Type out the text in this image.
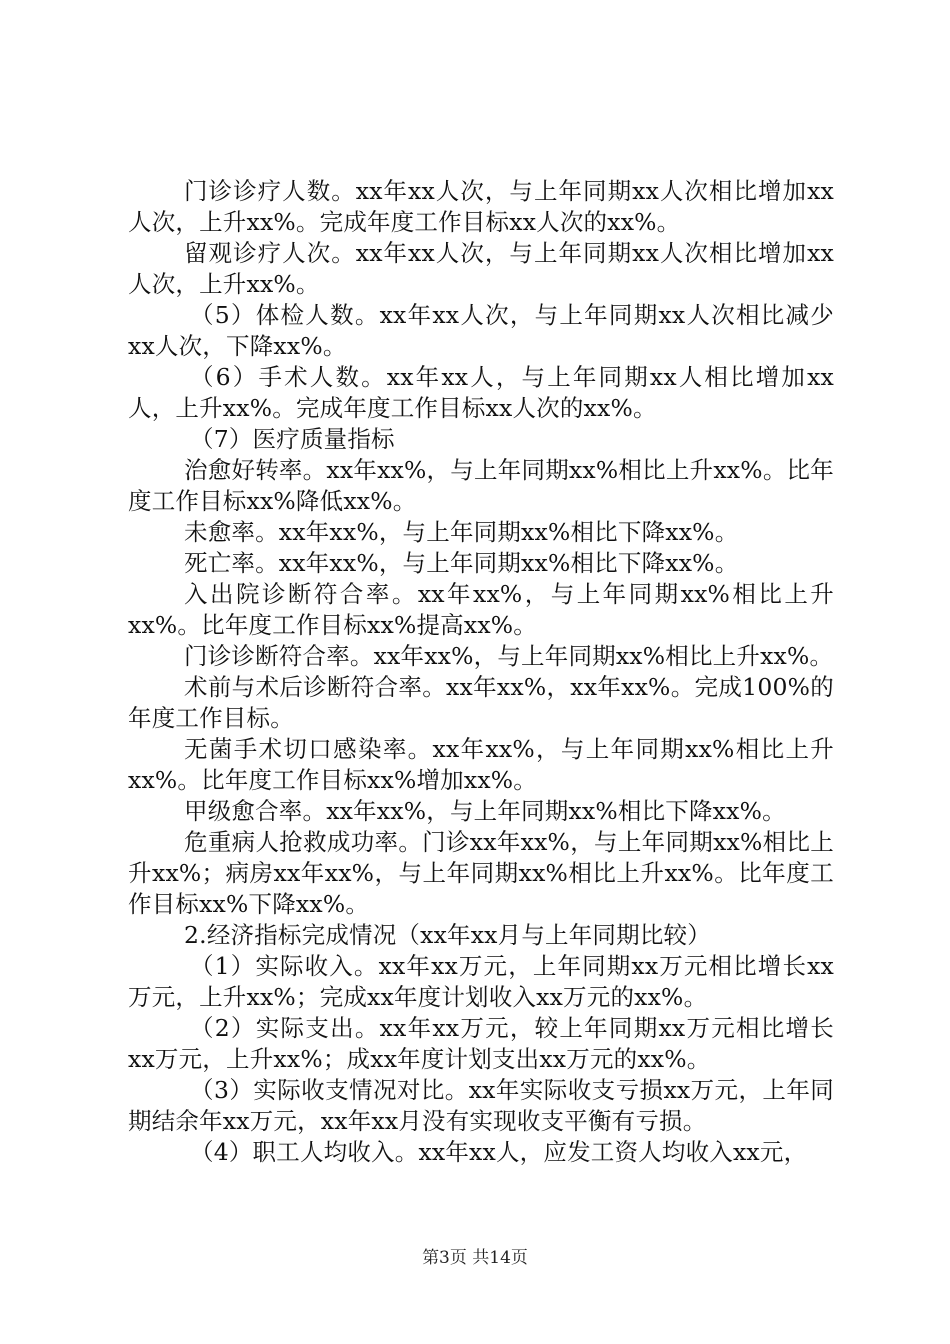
门诊诊疗人数。xx年xx人次，与上年同期xx人次相比增加xx人次，上升xx%。完成年度工作目标xx人次的xx%。

留观诊疗人次。xx年xx人次，与上年同期xx人次相比增加xx人次，上升xx%。

（5）体检人数。xx年xx人次，与上年同期xx人次相比减少xx人次，下降xx%。

（6）手术人数。xx年xx人，与上年同期xx人相比增加xx人，上升xx%。完成年度工作目标xx人次的xx%。

（7）医疗质量指标

治愈好转率。xx年xx%，与上年同期xx%相比上升xx%。比年度工作目标xx%降低xx%。

未愈率。xx年xx%，与上年同期xx%相比下降xx%。

死亡率。xx年xx%，与上年同期xx%相比下降xx%。

入出院诊断符合率。xx年xx%，与上年同期xx%相比上升xx%。比年度工作目标xx%提高xx%。

门诊诊断符合率。xx年xx%，与上年同期xx%相比上升xx%。

术前与术后诊断符合率。xx年xx%，xx年xx%。完成100%的年度工作目标。

无菌手术切口感染率。xx年xx%，与上年同期xx%相比上升xx%。比年度工作目标xx%增加xx%。

甲级愈合率。xx年xx%，与上年同期xx%相比下降xx%。

危重病人抢救成功率。门诊xx年xx%，与上年同期xx%相比上升xx%；病房xx年xx%，与上年同期xx%相比上升xx%。比年度工作目标xx%下降xx%。

2.经济指标完成情况（xx年xx月与上年同期比较）

（1）实际收入。xx年xx万元，上年同期xx万元相比增长xx万元，上升xx%；完成xx年度计划收入xx万元的xx%。

（2）实际支出。xx年xx万元，较上年同期xx万元相比增长xx万元，上升xx%；成xx年度计划支出xx万元的xx%。

（3）实际收支情况对比。xx年实际收支亏损xx万元，上年同期结余年xx万元，xx年xx月没有实现收支平衡有亏损。

（4）职工人均收入。xx年xx人，应发工资人均收入xx元，

第3页 共14页
